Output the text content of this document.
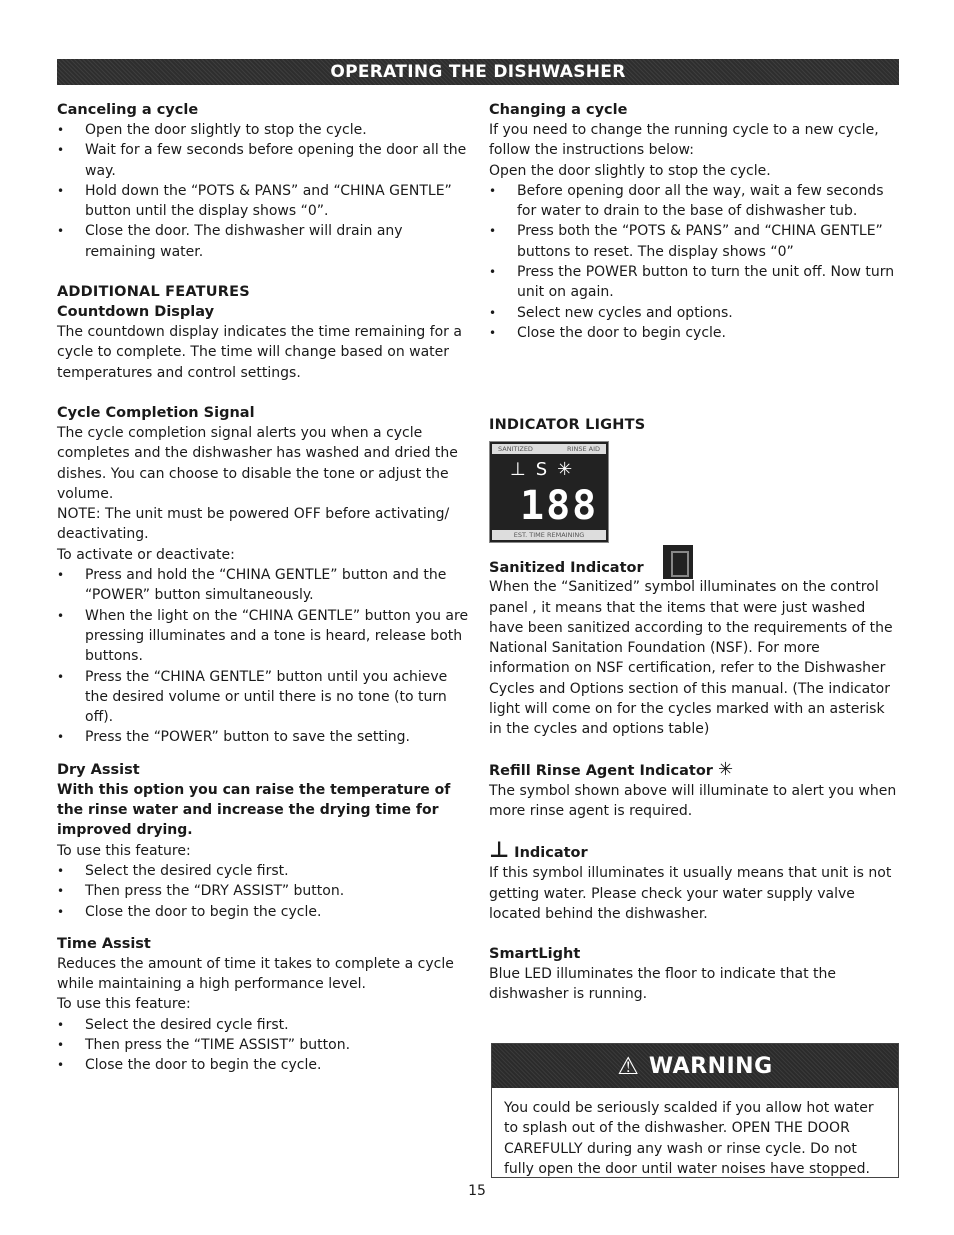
OPERATING THE DISHWASHER
Canceling a cycle
• Open the door slightly to stop the cycle.
• Wait for a few seconds before opening the door all the way.
• Hold down the “POTS & PANS” and “CHINA GENTLE” button until the display shows “0”.
• Close the door. The dishwasher will drain any remaining water.
ADDITIONAL FEATURES
Countdown Display

The countdown display indicates the time remaining for a cycle to complete. The time will change based on water temperatures and control settings.

Cycle Completion Signal

The cycle completion signal alerts you when a cycle completes and the dishwasher has washed and dried the dishes. You can choose to disable the tone or adjust the volume.

NOTE: The unit must be powered OFF before activating/ deactivating.

To activate or deactivate:

• Press and hold the “CHINA GENTLE” button and the “POWER” button simultaneously.
• When the light on the “CHINA GENTLE” button you are pressing illuminates and a tone is heard, release both buttons.
• Press the “CHINA GENTLE” button until you achieve the desired volume or until there is no tone (to turn off).
• Press the “POWER” button to save the setting.
Dry Assist

With this option you can raise the temperature of the rinse water and increase the drying time for improved drying.

To use this feature:

• Select the desired cycle first.
• Then press the “DRY ASSIST” button.
• Close the door to begin the cycle.
Time Assist

Reduces the amount of time it takes to complete a cycle while maintaining a high performance level.

To use this feature:

• Select the desired cycle first.
• Then press the “TIME ASSIST” button.
• Close the door to begin the cycle.
Changing a cycle

If you need to change the running cycle to a new cycle, follow the instructions below:

Open the door slightly to stop the cycle.

• Before opening door all the way, wait a few seconds for water to drain to the base of dishwasher tub.
• Press both the “POTS & PANS” and “CHINA GENTLE” buttons to reset. The display shows “0”
• Press the POWER button to turn the unit off. Now turn unit on again.
• Select new cycles and options.
• Close the door to begin cycle.
INDICATOR LIGHTS
SANITIZED	RINSE AID
⊥ S ✳
188
EST. TIME REMAINING
Sanitized Indicator

When the “Sanitized” symbol illuminates on the control panel , it means that the items that were just washed have been sanitized according to the requirements of the National Sanitation Foundation (NSF). For more information on NSF certification, refer to the Dishwasher Cycles and Options section of this manual. (The indicator light will come on for the cycles marked with an asterisk in the cycles and options table)

Refill Rinse Agent Indicator ✳

The symbol shown above will illuminate to alert you when more rinse agent is required.

⊥ Indicator

If this symbol illuminates it usually means that unit is not getting water. Please check your water supply valve located behind the dishwasher.

SmartLight

Blue LED illuminates the floor to indicate that the dishwasher is running.

⚠ WARNING
You could be seriously scalded if you allow hot water to splash out of the dishwasher. OPEN THE DOOR CAREFULLY during any wash or rinse cycle. Do not fully open the door until water noises have stopped.
15
